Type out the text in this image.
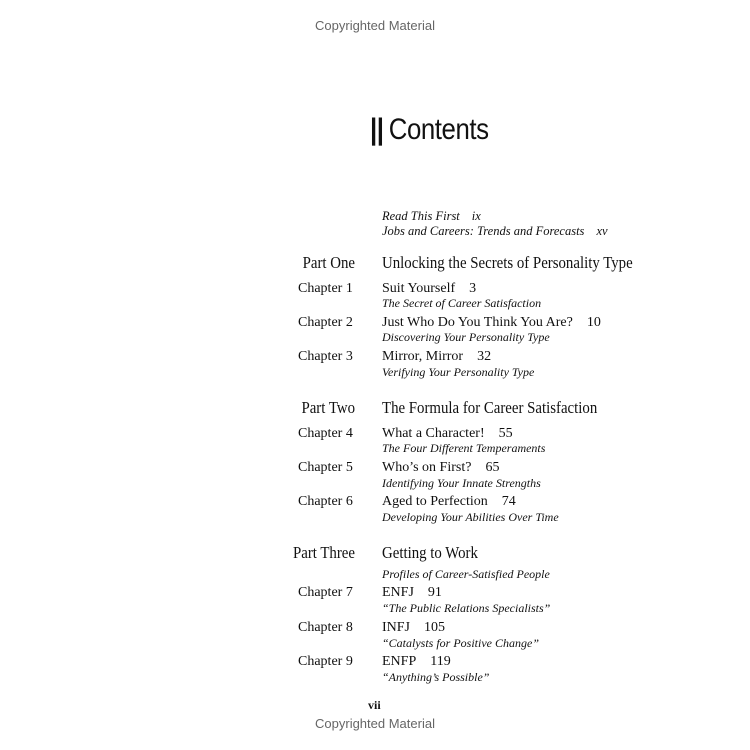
Copyrighted Material
|| Contents
Read This First ix
Jobs and Careers: Trends and Forecasts xv
Part One Unlocking the Secrets of Personality Type
Chapter 1 Suit Yourself 3
The Secret of Career Satisfaction
Chapter 2 Just Who Do You Think You Are? 10
Discovering Your Personality Type
Chapter 3 Mirror, Mirror 32
Verifying Your Personality Type
Part Two The Formula for Career Satisfaction
Chapter 4 What a Character! 55
The Four Different Temperaments
Chapter 5 Who’s on First? 65
Identifying Your Innate Strengths
Chapter 6 Aged to Perfection 74
Developing Your Abilities Over Time
Part Three Getting to Work
Profiles of Career-Satisfied People
Chapter 7 ENFJ 91
“The Public Relations Specialists”
Chapter 8 INFJ 105
“Catalysts for Positive Change”
Chapter 9 ENFP 119
“Anything’s Possible”
vii
Copyrighted Material
